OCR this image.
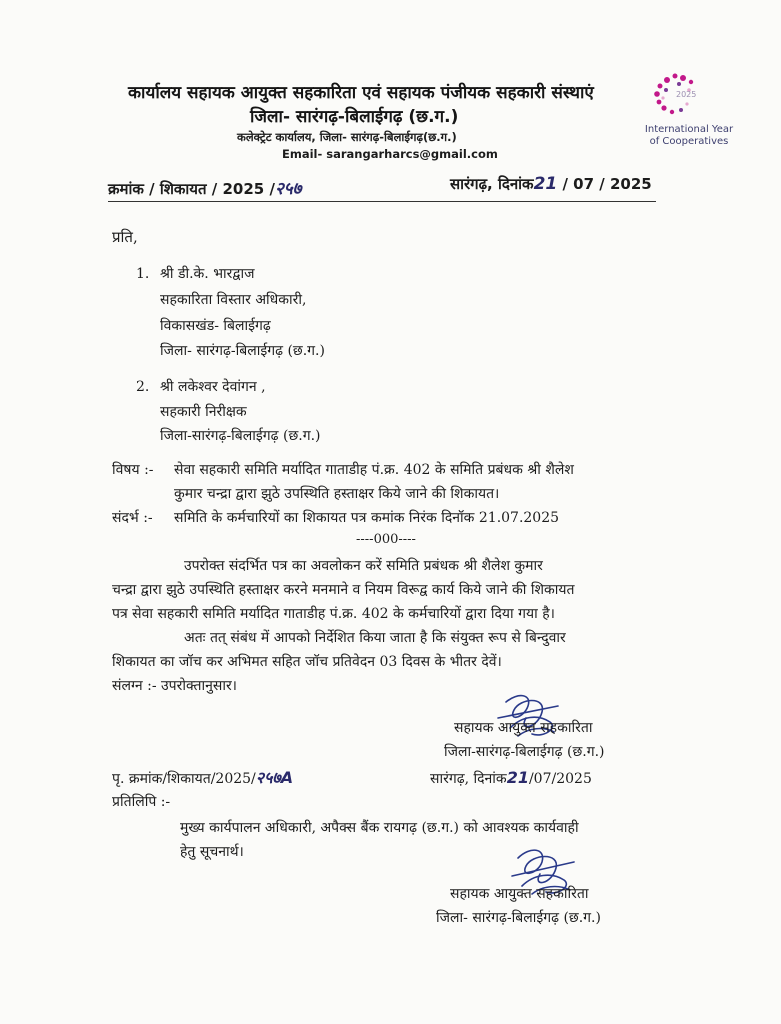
कार्यालय सहायक आयुक्त सहकारिता एवं सहायक पंजीयक सहकारी संस्थाएं
जिला- सारंगढ़-बिलाईगढ़ (छ.ग.)
कलेक्ट्रेट कार्यालय, जिला- सारंगढ़-बिलाईगढ़(छ.ग.)
Email- sarangarharcs@gmail.com
2025
International Year
of Cooperatives
क्रमांक / शिकायत / 2025 /२५७	सारंगढ़, दिनांक21 / 07 / 2025
प्रति,
1. श्री डी.के. भारद्वाज
सहकारिता विस्तार अधिकारी,
विकासखंड- बिलाईगढ़
जिला- सारंगढ़-बिलाईगढ़ (छ.ग.)
2. श्री लकेश्वर देवांगन ,
सहकारी निरीक्षक
जिला-सारंगढ़-बिलाईगढ़ (छ.ग.)
विषय :- सेवा सहकारी समिति मर्यादित गाताडीह पं.क्र. 402 के समिति प्रबंधक श्री शैलेश
कुमार चन्द्रा द्वारा झुठे उपस्थिति हस्ताक्षर किये जाने की शिकायत।
संदर्भ :- समिति के कर्मचारियों का शिकायत पत्र कमांक निरंक दिनॉक 21.07.2025
----000----
उपरोक्त संदर्भित पत्र का अवलोकन करें समिति प्रबंधक श्री शैलेश कुमार
चन्द्रा द्वारा झुठे उपस्थिति हस्ताक्षर करने मनमाने व नियम विरूद्व कार्य किये जाने की शिकायत
पत्र सेवा सहकारी समिति मर्यादित गाताडीह पं.क्र. 402 के कर्मचारियों द्वारा दिया गया है।
अतः तत् संबंध में आपको निर्देशित किया जाता है कि संयुक्त रूप से बिन्दुवार
शिकायत का जॉच कर अभिमत सहित जॉच प्रतिवेदन 03 दिवस के भीतर देवें।
संलग्न :- उपरोक्तानुसार।
सहायक आयुक्त सहकारिता
जिला-सारंगढ़-बिलाईगढ़ (छ.ग.)
पृ. क्रमांक/शिकायत/2025/२५७A	सारंगढ़, दिनांक21/07/2025
प्रतिलिपि :-
मुख्य कार्यपालन अधिकारी, अपैक्स बैंक रायगढ़ (छ.ग.) को आवश्यक कार्यवाही
हेतु सूचनार्थ।
सहायक आयुक्त सहकारिता
जिला- सारंगढ़-बिलाईगढ़ (छ.ग.)
